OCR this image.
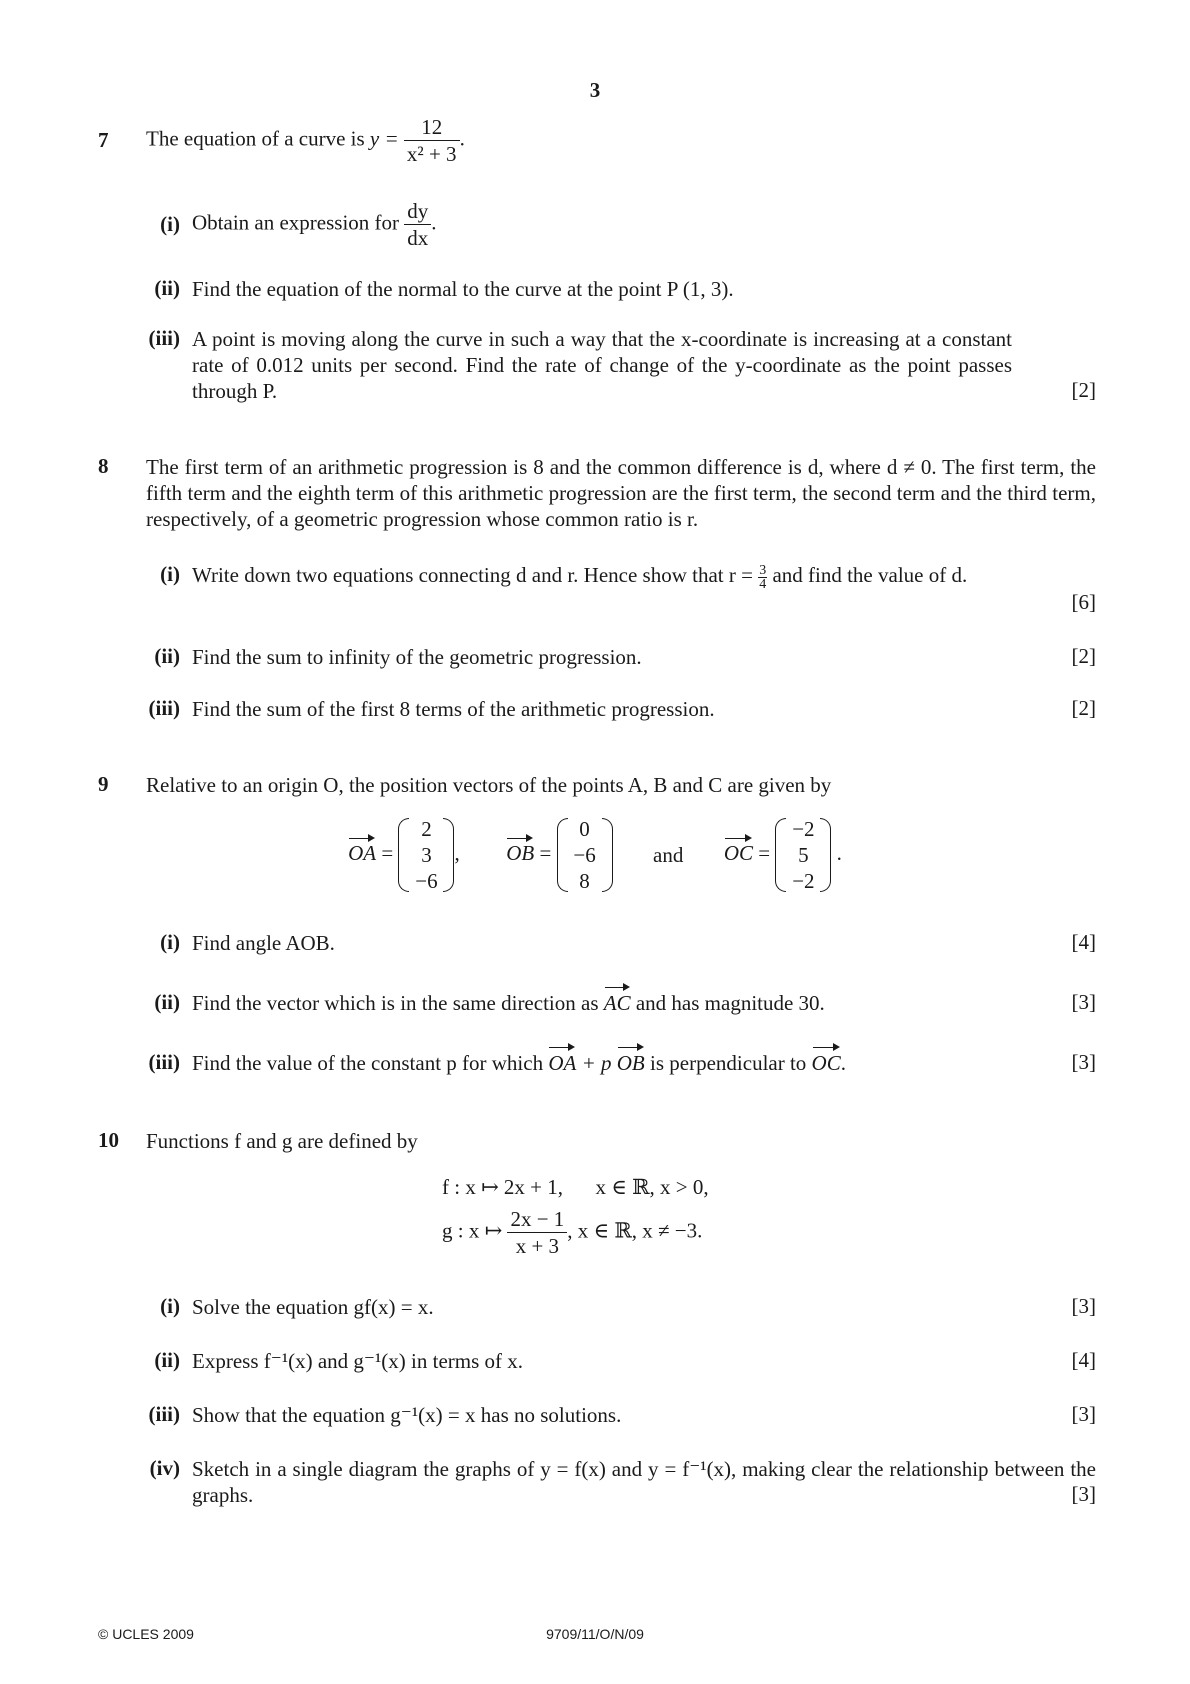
3
7 The equation of a curve is $y = \frac{12}{\text{x² + 3}}$ .
(i) Obtain an expression for $\frac{dy}{dx}$ .
(ii) Find the equation of the normal to the curve at the point P (1, 3).
(iii) A point is moving along the curve in such a way that the x-coordinate is increasing at a constant rate of 0.012 units per second. Find the rate of change of the y-coordinate as the point passes through P.	[2]
8 The first term of an arithmetic progression is 8 and the common difference is d, where d ≠ 0. The first term, the fifth term and the eighth term of this arithmetic progression are the first term, the second term and the third term, respectively, of a geometric progression whose common ratio is r.
(i) Write down two equations connecting d and r. Hence show that $r = \frac{3}{4}$ and find the value of d.
[6]
(ii) Find the sum to infinity of the geometric progression.	[2]
(iii) Find the sum of the first 8 terms of the arithmetic progression.	[2]
9 Relative to an origin O, the position vectors of the points A, B and C are given by
OA =
2
3
−6
, OB =
0
−6
8
and OC =
−2
5
−2
.
(i) Find angle AOB.	[4]
(ii) Find the vector which is in the same direction as AC and has magnitude 30.	[3]
(iii) Find the value of the constant p for which OA + p OB is perpendicular to OC.	[3]
10 Functions f and g are defined by
f : x ↦ 2x + 1, x ∈ ℝ, x > 0,
g : x ↦ $\frac{2x - 1}{x + 3}$ , x ∈ ℝ, x ≠ −3.
(i) Solve the equation gf(x) = x.	[3]
(ii) Express f⁻¹(x) and g⁻¹(x) in terms of x.	[4]
(iii) Show that the equation g⁻¹(x) = x has no solutions.	[3]
(iv) Sketch in a single diagram the graphs of y = f(x) and y = f⁻¹(x), making clear the relationship between the graphs.	[3]
© UCLES 2009	9709/11/O/N/09
